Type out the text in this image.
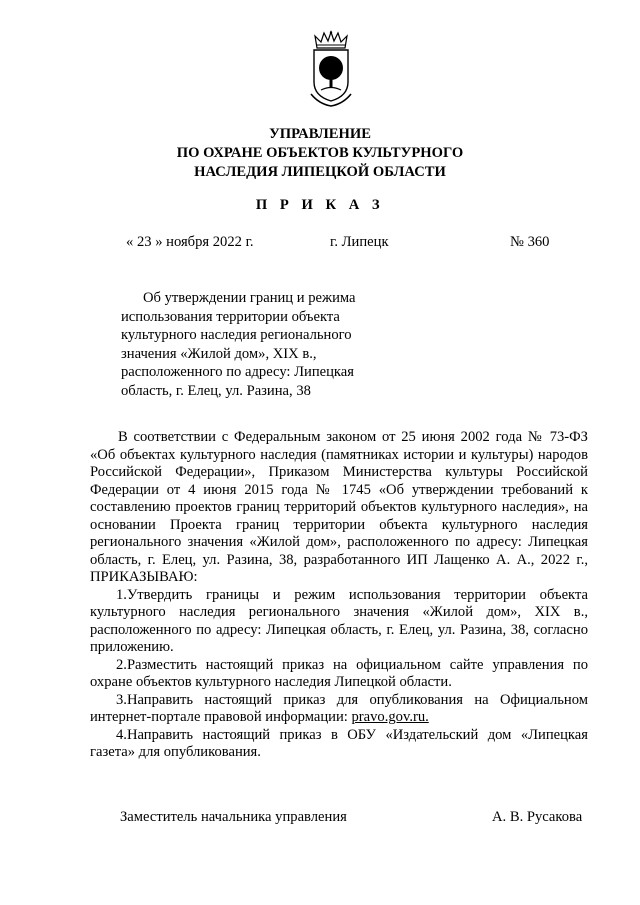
УПРАВЛЕНИЕ
ПО ОХРАНЕ ОБЪЕКТОВ КУЛЬТУРНОГО
НАСЛЕДИЯ ЛИПЕЦКОЙ ОБЛАСТИ
П Р И К А З
« 23 » ноября 2022 г.	г. Липецк	№ 360
Об утверждении границ и режима
использования территории объекта
культурного наследия регионального
значения «Жилой дом», XIX в.,
расположенного по адресу: Липецкая
область, г. Елец, ул. Разина, 38

В соответствии с Федеральным законом от 25 июня 2002 года № 73-ФЗ «Об объектах культурного наследия (памятниках истории и культуры) народов Российской Федерации», Приказом Министерства культуры Российской Федерации от 4 июня 2015 года № 1745 «Об утверждении требований к составлению проектов границ территорий объектов культурного наследия», на основании Проекта границ территории объекта культурного наследия регионального значения «Жилой дом», расположенного по адресу: Липецкая область, г. Елец, ул. Разина, 38, разработанного ИП Лащенко А. А., 2022 г., ПРИКАЗЫВАЮ:

1.Утвердить границы и режим использования территории объекта культурного наследия регионального значения «Жилой дом», XIX в., расположенного по адресу: Липецкая область, г. Елец, ул. Разина, 38, согласно приложению.

2.Разместить настоящий приказ на официальном сайте управления по охране объектов культурного наследия Липецкой области.

3.Направить настоящий приказ для опубликования на Официальном интернет-портале правовой информации: pravo.gov.ru.

4.Направить настоящий приказ в ОБУ «Издательский дом «Липецкая газета» для опубликования.

Заместитель начальника управления	А. В. Русакова
